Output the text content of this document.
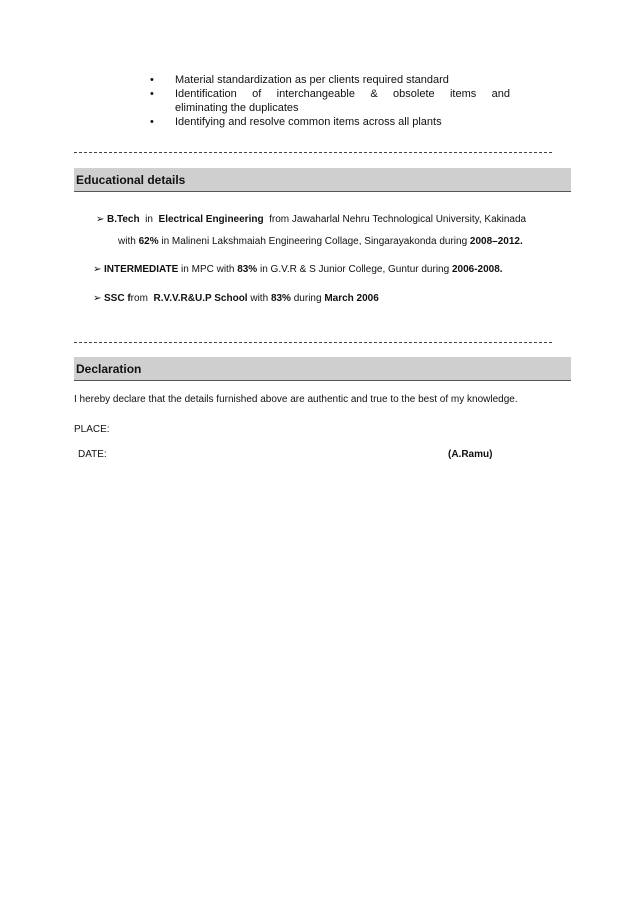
• Material standardization as per clients required standard
• Identification of interchangeable & obsolete items and
eliminating the duplicates
• Identifying and resolve common items across all plants
Educational details
➢ B.Tech in Electrical Engineering from Jawaharlal Nehru Technological University, Kakinada
with 62% in Malineni Lakshmaiah Engineering Collage, Singarayakonda during 2008–2012.
➢ INTERMEDIATE in MPC with 83% in G.V.R & S Junior College, Guntur during 2006-2008.
➢ SSC from R.V.V.R&U.P School with 83% during March 2006
Declaration
I hereby declare that the details furnished above are authentic and true to the best of my knowledge.
PLACE:
DATE:	(A.Ramu)
